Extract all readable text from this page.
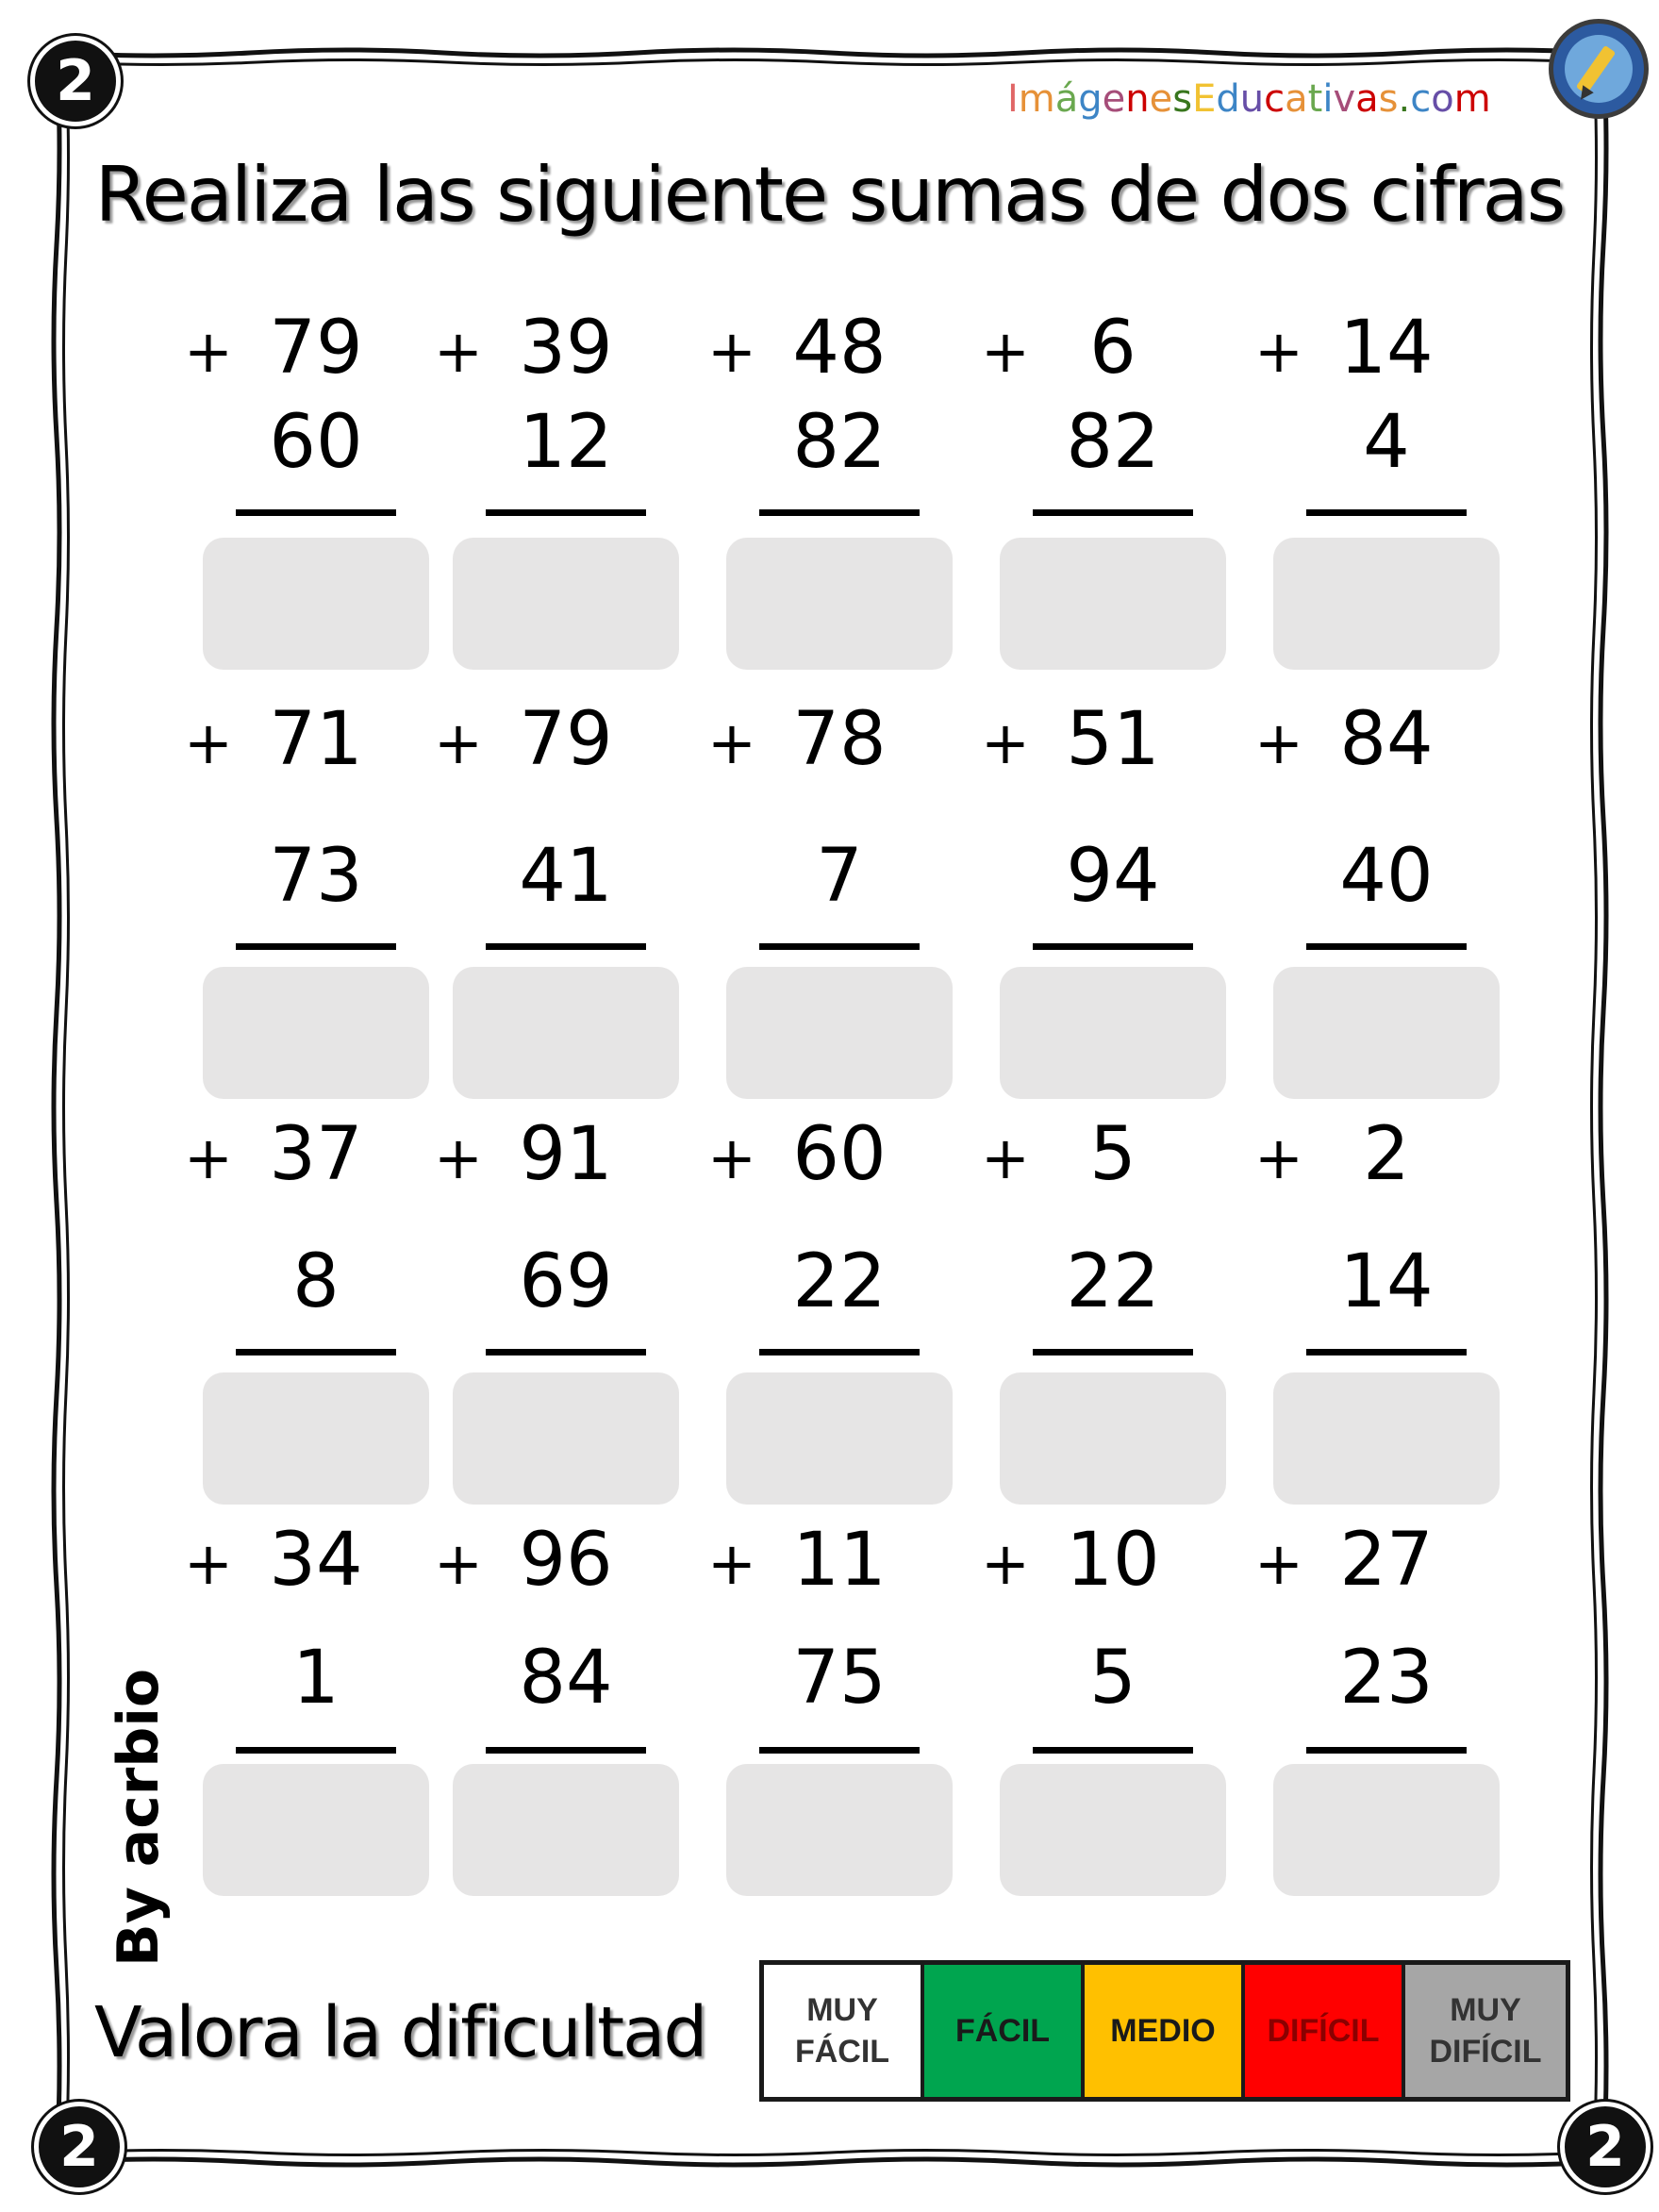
2
2	2
ImágenesEducativas.com
Realiza las siguiente sumas de dos cifras
+ 79
60
+ 39
12
+ 48
82
+ 6
82
+ 14
4
+ 71
73
+ 79
41
+ 78
7
+ 51
94
+ 84
40
+ 37
8
+ 91
69
+ 60
22
+ 5
22
+ 2
14
+ 34
1
+ 96
84
+ 11
75
+ 10
5
+ 27
23
By acrbio
Valora la dificultad	MUY
FÁCIL
FÁCIL MEDIO DIFÍCIL
MUY
DIFÍCIL
